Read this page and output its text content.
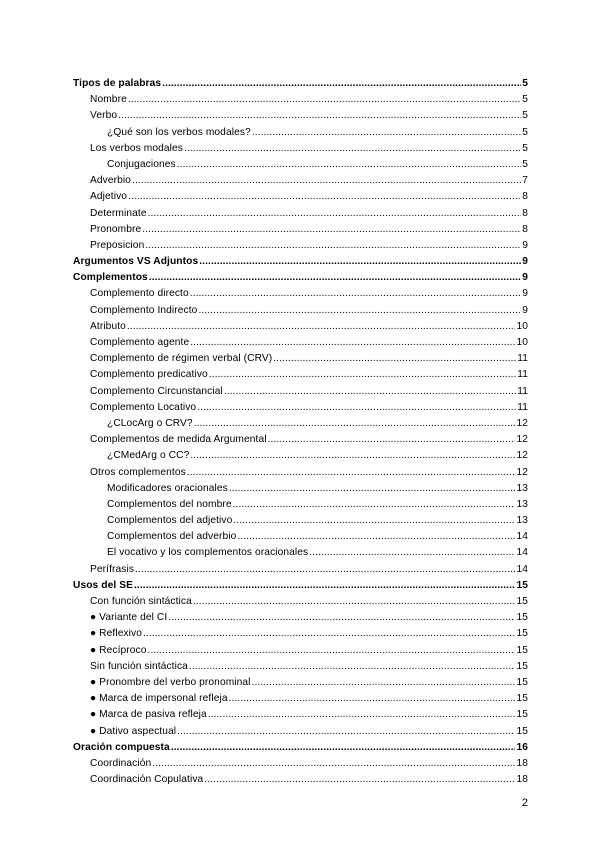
Tipos de palabras .....	5
Nombre .....	5
Verbo .....	5
¿Qué son los verbos modales? .....	5
Los verbos modales .....	5
Conjugaciones .....	5
Adverbio .....	7
Adjetivo .....	8
Determinate .....	8
Pronombre .....	8
Preposicion .....	9
Argumentos VS Adjuntos .....	9
Complementos .....	9
Complemento directo .....	9
Complemento Indirecto .....	9
Atributo .....	10
Complemento agente .....	10
Complemento de régimen verbal (CRV) .....	11
Complemento predicativo .....	11
Complemento Circunstancial .....	11
Complemento Locativo .....	11
¿CLocArg o CRV? .....	12
Complementos de medida Argumental .....	12
¿CMedArg o CC? .....	12
Otros complementos .....	12
Modificadores oracionales .....	13
Complementos del nombre .....	13
Complementos del adjetivo .....	13
Complementos del adverbio .....	14
El vocativo y los complementos oracionales .....	14
Perífrasis .....	14
Usos del SE .....	15
Con función sintáctica .....	15
● Variante del CI .....	15
● Reflexivo .....	15
● Recíproco .....	15
Sin función sintáctica .....	15
● Pronombre del verbo pronominal .....	15
● Marca de impersonal refleja .....	15
● Marca de pasiva refleja .....	15
● Dativo aspectual .....	15
Oración compuesta .....	16
Coordinación .....	18
Coordinación Copulativa .....	18
2
